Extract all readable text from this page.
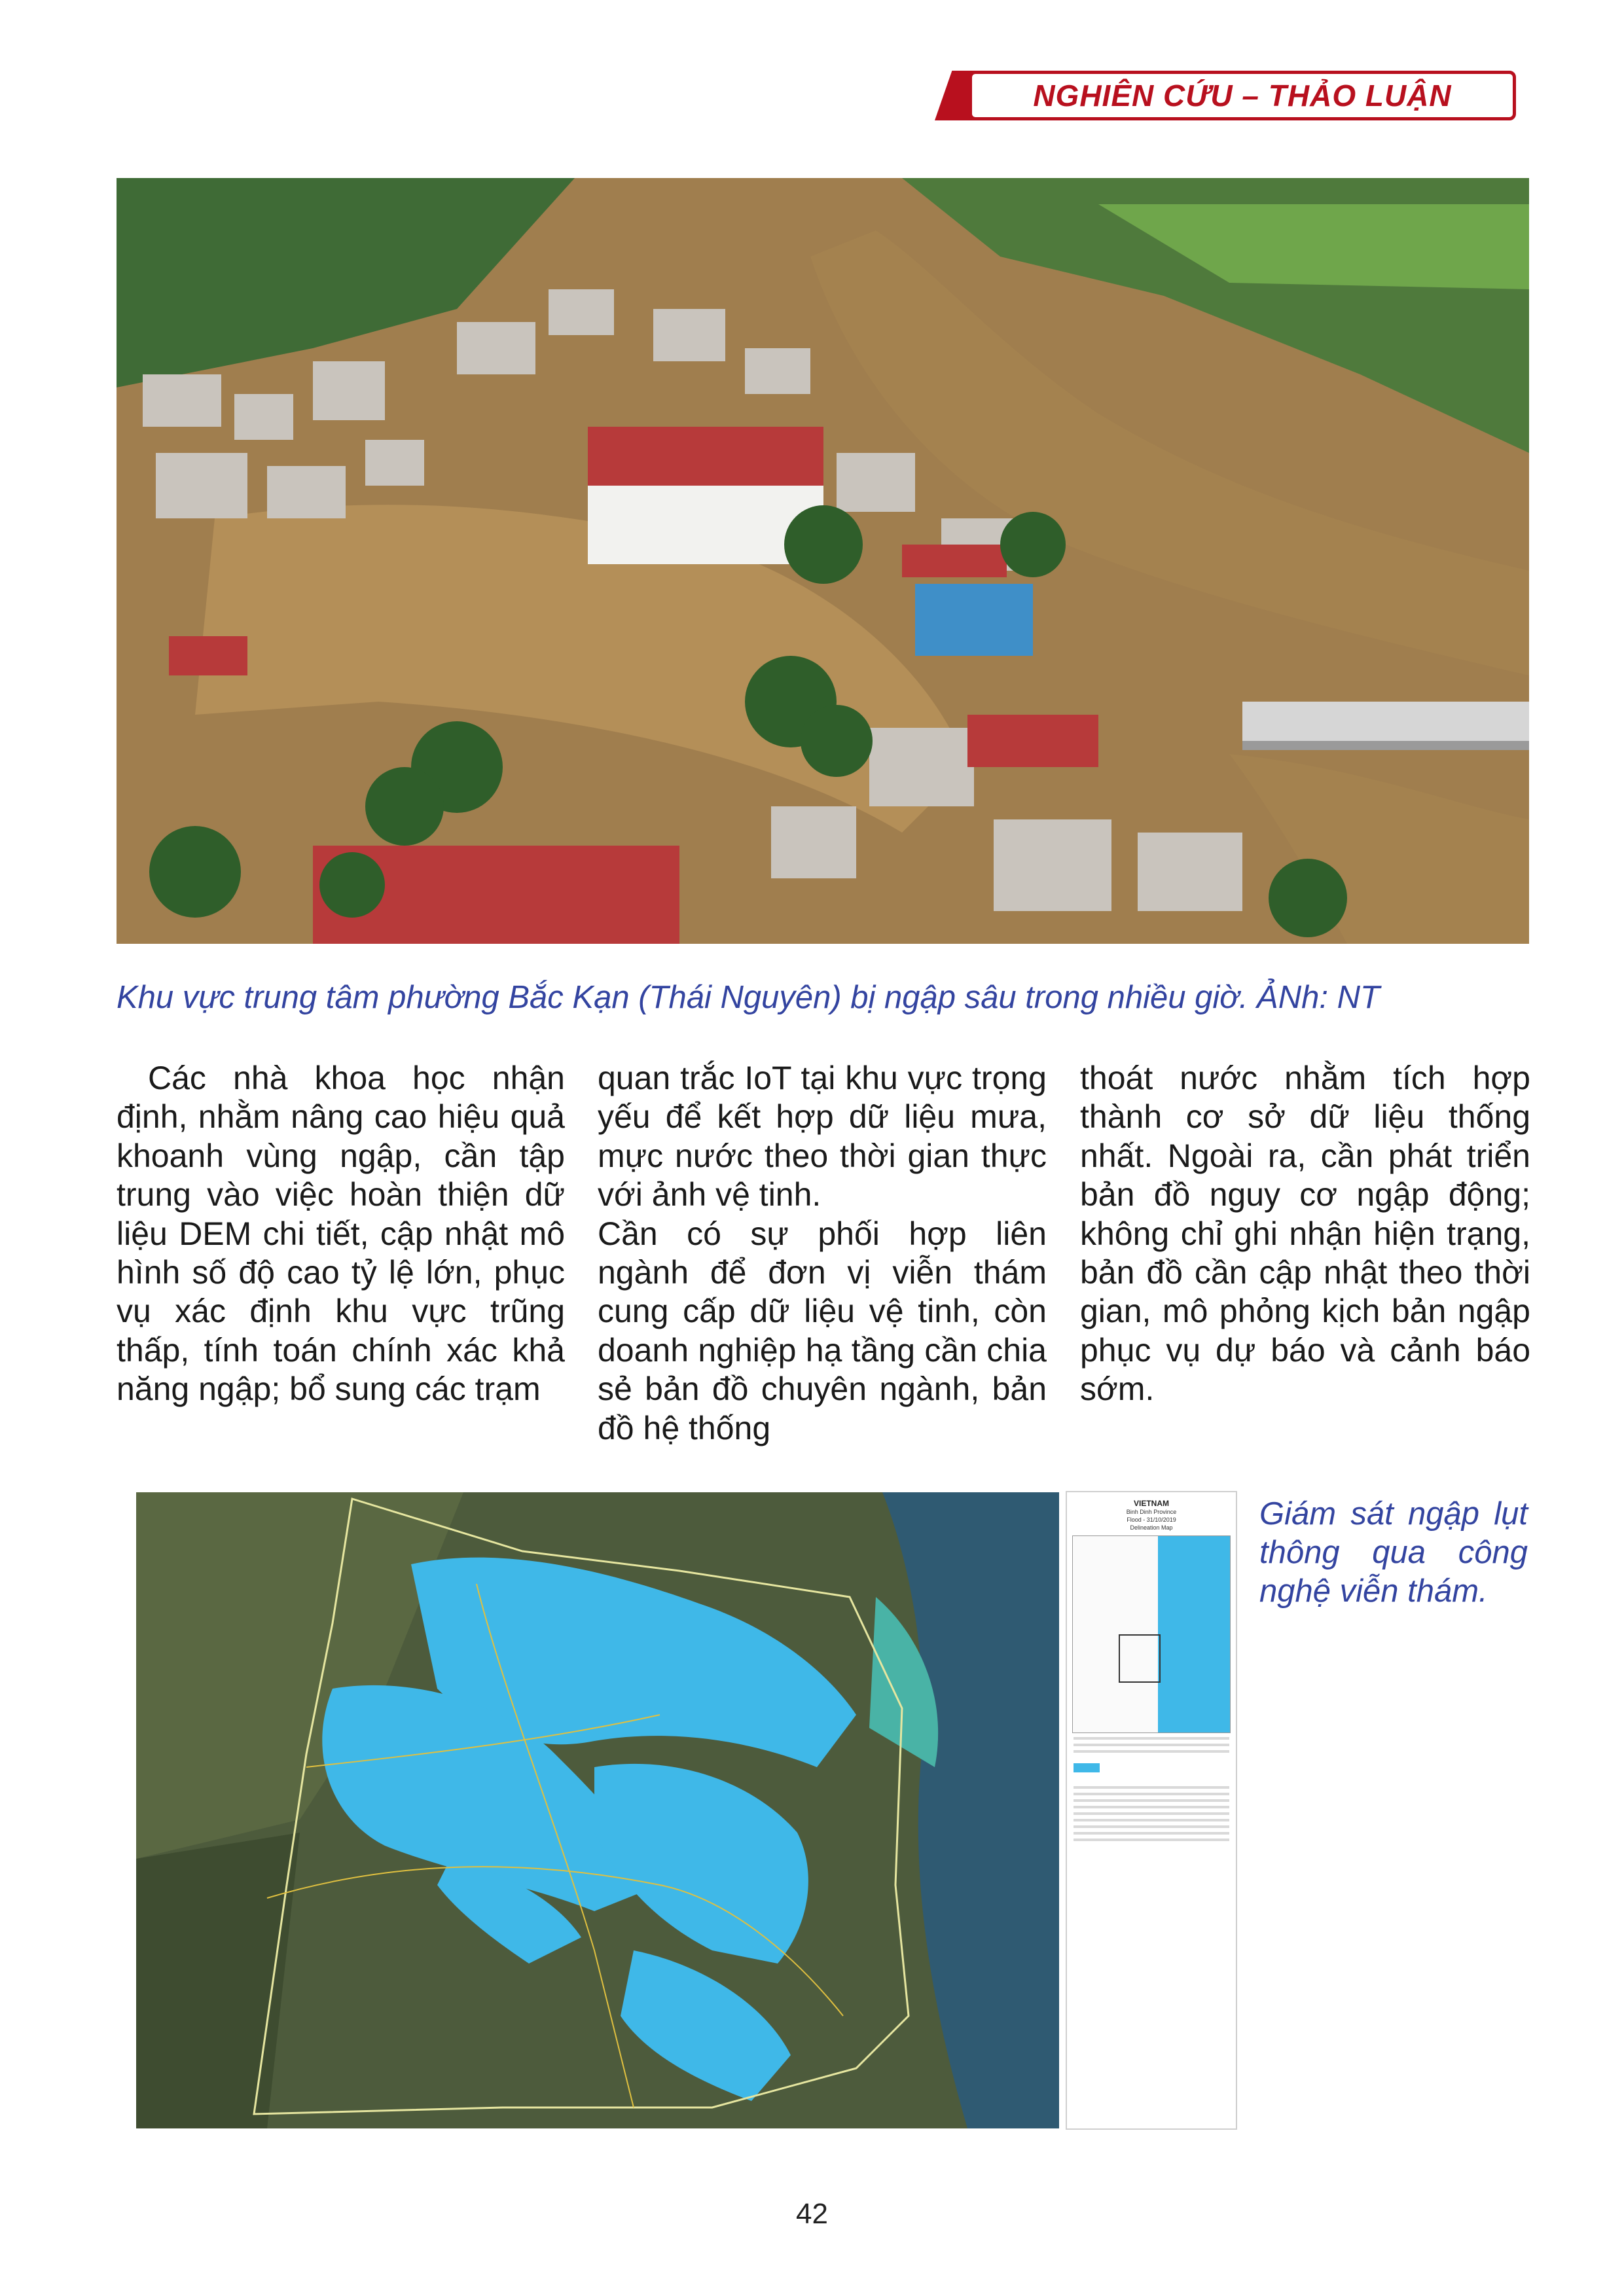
NGHIÊN CỨU – THẢO LUẬN
Khu vực trung tâm phường Bắc Kạn (Thái Nguyên) bị ngập sâu trong nhiều giờ. ẢNh: NT

Các nhà khoa học nhận định, nhằm nâng cao hiệu quả khoanh vùng ngập, cần tập trung vào việc hoàn thiện dữ liệu DEM chi tiết, cập nhật mô hình số độ cao tỷ lệ lớn, phục vụ xác định khu vực trũng thấp, tính toán chính xác khả năng ngập; bổ sung các trạm

quan trắc IoT tại khu vực trọng yếu để kết hợp dữ liệu mưa, mực nước theo thời gian thực với ảnh vệ tinh.

Cần có sự phối hợp liên ngành để đơn vị viễn thám cung cấp dữ liệu vệ tinh, còn doanh nghiệp hạ tầng cần chia sẻ bản đồ chuyên ngành, bản đồ hệ thống

thoát nước nhằm tích hợp thành cơ sở dữ liệu thống nhất. Ngoài ra, cần phát triển bản đồ nguy cơ ngập động; không chỉ ghi nhận hiện trạng, bản đồ cần cập nhật theo thời gian, mô phỏng kịch bản ngập phục vụ dự báo và cảnh báo sớm.

VIETNAM
Binh Dinh Province
Flood - 31/10/2019
Delineation Map	Giám sát ngập lụt thông qua công nghệ viễn thám.
42
